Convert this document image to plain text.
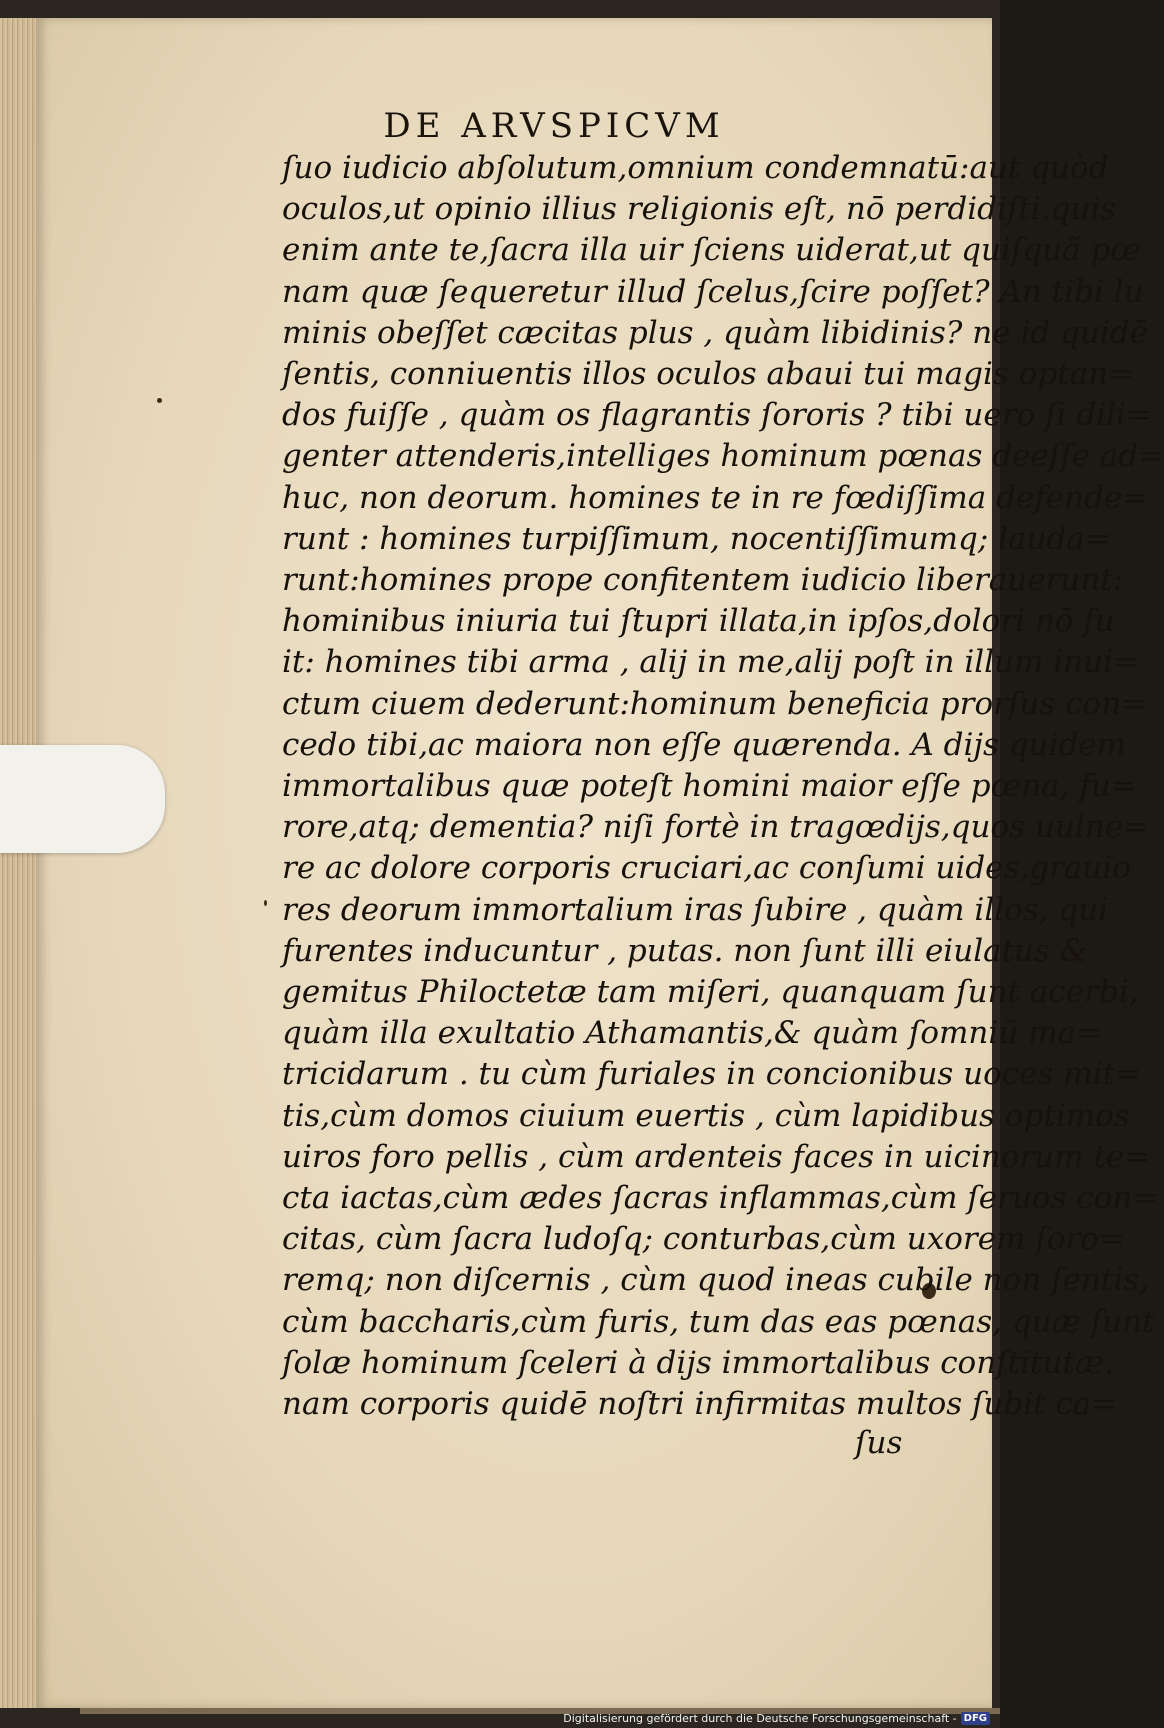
DE ARVSPICVM
ſuo iudicio abſolutum,omnium condemnatū:aut quòd
oculos,ut opinio illius religionis eſt, nō perdidiſti.quis
enim ante te,ſacra illa uir ſciens uiderat,ut quiſquã pœ
nam quæ ſequeretur illud ſcelus,ſcire poſſet? An tibi lu
minis obeſſet cæcitas plus , quàm libidinis? ne id quidē
ſentis, conniuentis illos oculos abaui tui magis optan=
dos fuiſſe , quàm os flagrantis ſororis ? tibi uero ſi dili=
genter attenderis,intelliges hominum pœnas deeſſe ad=
huc, non deorum. homines te in re fœdiſſima defende=
runt : homines turpiſſimum, nocentiſſimumq; lauda=
runt:homines prope confitentem iudicio liberauerunt:
hominibus iniuria tui ſtupri illata,in ipſos,dolori nō fu
it: homines tibi arma , alij in me,alij poſt in illum inui=
ctum ciuem dederunt:hominum beneficia prorſus con=
cedo tibi,ac maiora non eſſe quærenda. A dijs quidem
immortalibus quæ poteſt homini maior eſſe pœna, fu=
rore,atq; dementia? niſi fortè in tragœdijs,quos uulne=
re ac dolore corporis cruciari,ac conſumi uides,grauio
res deorum immortalium iras ſubire , quàm illos, qui
furentes inducuntur , putas. non ſunt illi eiulatus &
gemitus Philoctetæ tam miſeri, quanquam ſunt acerbi,
quàm illa exultatio Athamantis,& quàm ſomniū ma=
tricidarum . tu cùm furiales in concionibus uoces mit=
tis,cùm domos ciuium euertis , cùm lapidibus optimos
uiros foro pellis , cùm ardenteis faces in uicinorum te=
cta iactas,cùm ædes ſacras inflammas,cùm ſeruos con=
citas, cùm ſacra ludoſq; conturbas,cùm uxorem ſoro=
remq; non diſcernis , cùm quod ineas cubile non ſentis,
cùm baccharis,cùm furis, tum das eas pœnas, quæ ſunt
ſolæ hominum ſceleri à dijs immortalibus conſtitutæ.
nam corporis quidē noſtri infirmitas multos ſubit ca=
ſus
Digitalisierung gefördert durch die Deutsche Forschungsgemeinschaft - DFG
